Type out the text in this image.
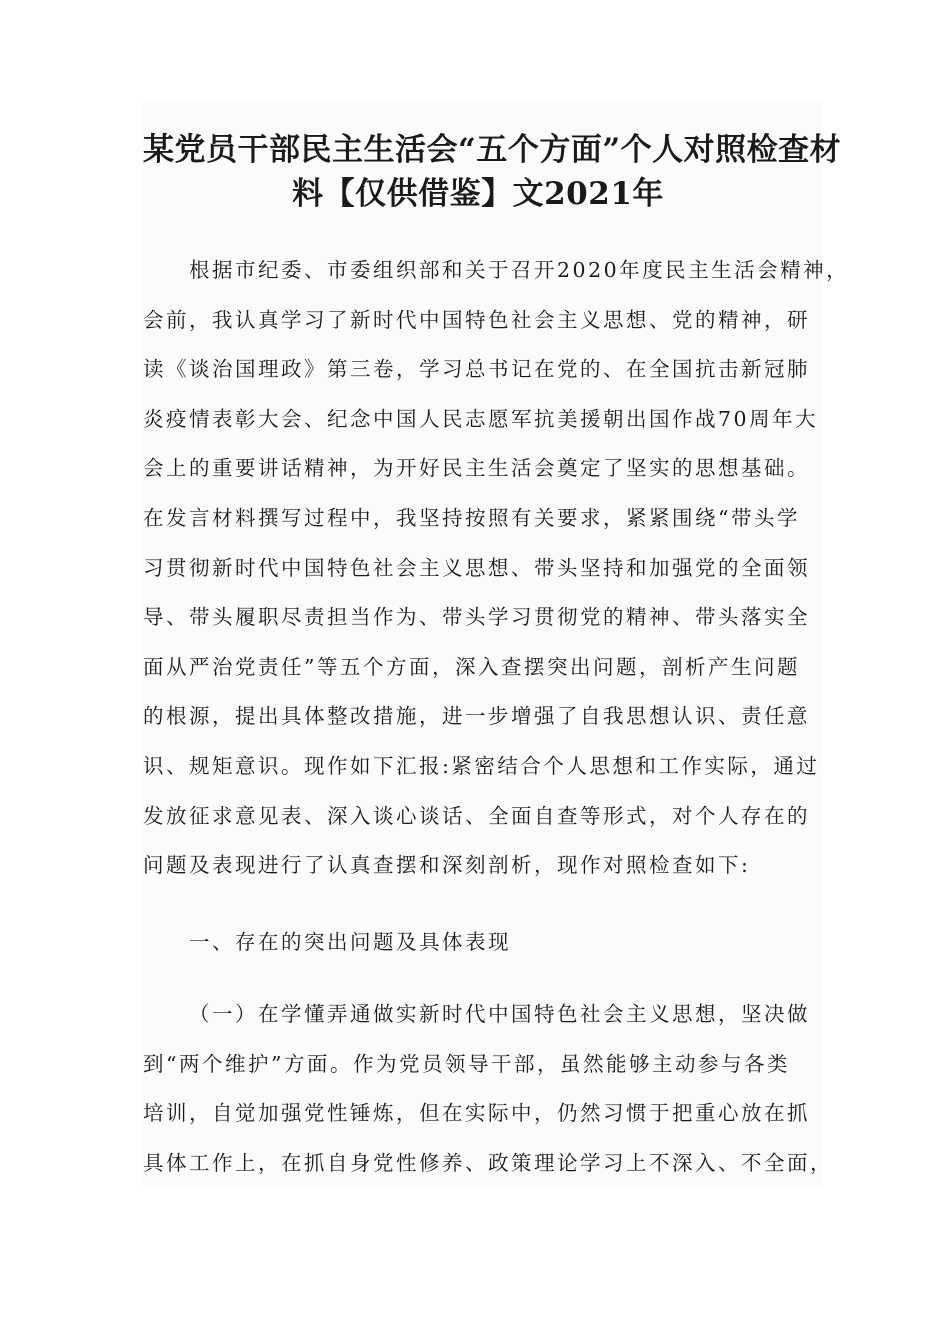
某党员干部民主生活会“五个方面”个人对照检查材
料【仅供借鉴】文2021年
根据市纪委、市委组织部和关于召开2020年度民主生活会精神，
会前，我认真学习了新时代中国特色社会主义思想、党的精神，研
读《谈治国理政》第三卷，学习总书记在党的、在全国抗击新冠肺
炎疫情表彰大会、纪念中国人民志愿军抗美援朝出国作战70周年大
会上的重要讲话精神，为开好民主生活会奠定了坚实的思想基础。
在发言材料撰写过程中，我坚持按照有关要求，紧紧围绕“带头学
习贯彻新时代中国特色社会主义思想、带头坚持和加强党的全面领
导、带头履职尽责担当作为、带头学习贯彻党的精神、带头落实全
面从严治党责任”等五个方面，深入查摆突出问题，剖析产生问题
的根源，提出具体整改措施，进一步增强了自我思想认识、责任意
识、规矩意识。现作如下汇报:紧密结合个人思想和工作实际，通过
发放征求意见表、深入谈心谈话、全面自查等形式，对个人存在的
问题及表现进行了认真查摆和深刻剖析，现作对照检查如下:
一、存在的突出问题及具体表现
（一）在学懂弄通做实新时代中国特色社会主义思想，坚决做
到“两个维护”方面。作为党员领导干部，虽然能够主动参与各类
培训，自觉加强党性锤炼，但在实际中，仍然习惯于把重心放在抓
具体工作上，在抓自身党性修养、政策理论学习上不深入、不全面，
